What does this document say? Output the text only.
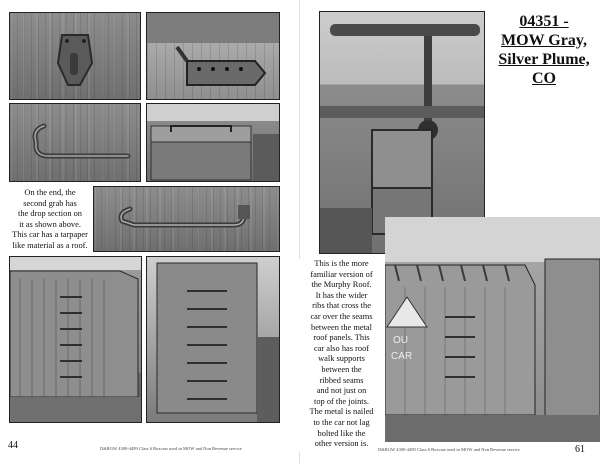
On the end, the
second grab has
the drop section on
it as shown above.
This car has a tarpaper
like material as a roof.
44	D&RGW 4300-4499 Class 6 Boxcars used in MOW and Non Revenue service
04351 -
MOW Gray,
Silver Plume,
CO
OU
CAR
This is the more
familiar version of
the Murphy Roof.
It has the wider
ribs that cross the
car over the seams
between the metal
roof panels. This
car also has roof
walk supports
between the
ribbed seams
and not just on
top of the joints.
The metal is nailed
to the car not lag
bolted like the
other version is.
61
D&RGW 4300-4499 Class 6 Boxcars used in MOW and Non Revenue service
